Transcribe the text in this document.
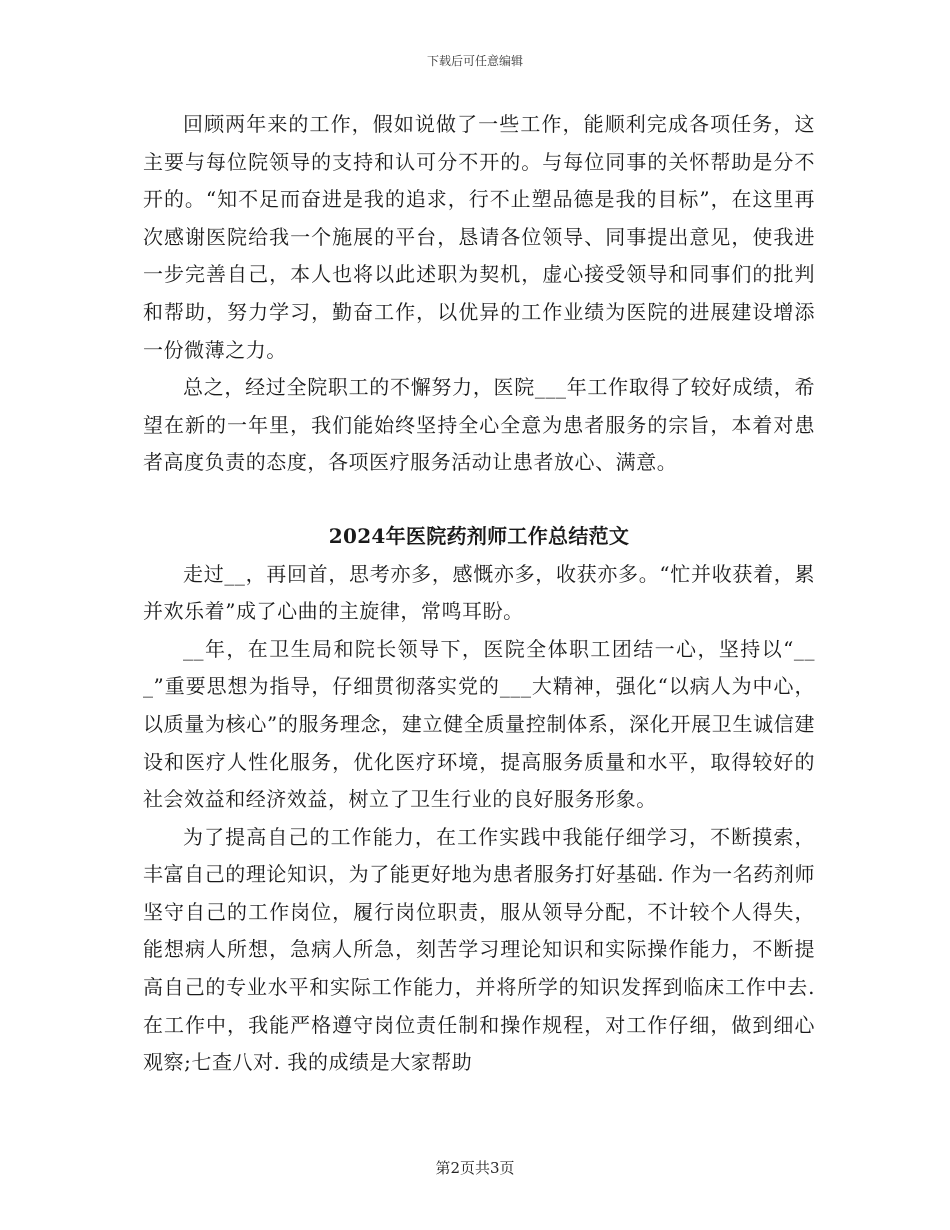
下载后可任意编辑

回顾两年来的工作，假如说做了一些工作，能顺利完成各项任务，这主要与每位院领导的支持和认可分不开的。与每位同事的关怀帮助是分不开的。“知不足而奋进是我的追求，行不止塑品德是我的目标”，在这里再次感谢医院给我一个施展的平台，恳请各位领导、同事提出意见，使我进一步完善自己，本人也将以此述职为契机，虚心接受领导和同事们的批判和帮助，努力学习，勤奋工作，以优异的工作业绩为医院的进展建设增添一份微薄之力。

总之，经过全院职工的不懈努力，医院___年工作取得了较好成绩，希望在新的一年里，我们能始终坚持全心全意为患者服务的宗旨，本着对患者高度负责的态度，各项医疗服务活动让患者放心、满意。

2024年医院药剂师工作总结范文

走过__，再回首，思考亦多，感慨亦多，收获亦多。“忙并收获着，累并欢乐着”成了心曲的主旋律，常鸣耳盼。

__年，在卫生局和院长领导下，医院全体职工团结一心，坚持以“___”重要思想为指导，仔细贯彻落实党的___大精神，强化“以病人为中心，以质量为核心”的服务理念，建立健全质量控制体系，深化开展卫生诚信建设和医疗人性化服务，优化医疗环境，提高服务质量和水平，取得较好的社会效益和经济效益，树立了卫生行业的良好服务形象。

为了提高自己的工作能力，在工作实践中我能仔细学习，不断摸索，丰富自己的理论知识，为了能更好地为患者服务打好基础. 作为一名药剂师坚守自己的工作岗位，履行岗位职责，服从领导分配，不计较个人得失，能想病人所想，急病人所急，刻苦学习理论知识和实际操作能力，不断提高自己的专业水平和实际工作能力，并将所学的知识发挥到临床工作中去. 在工作中，我能严格遵守岗位责任制和操作规程，对工作仔细，做到细心观察;七查八对. 我的成绩是大家帮助

第2页共3页
